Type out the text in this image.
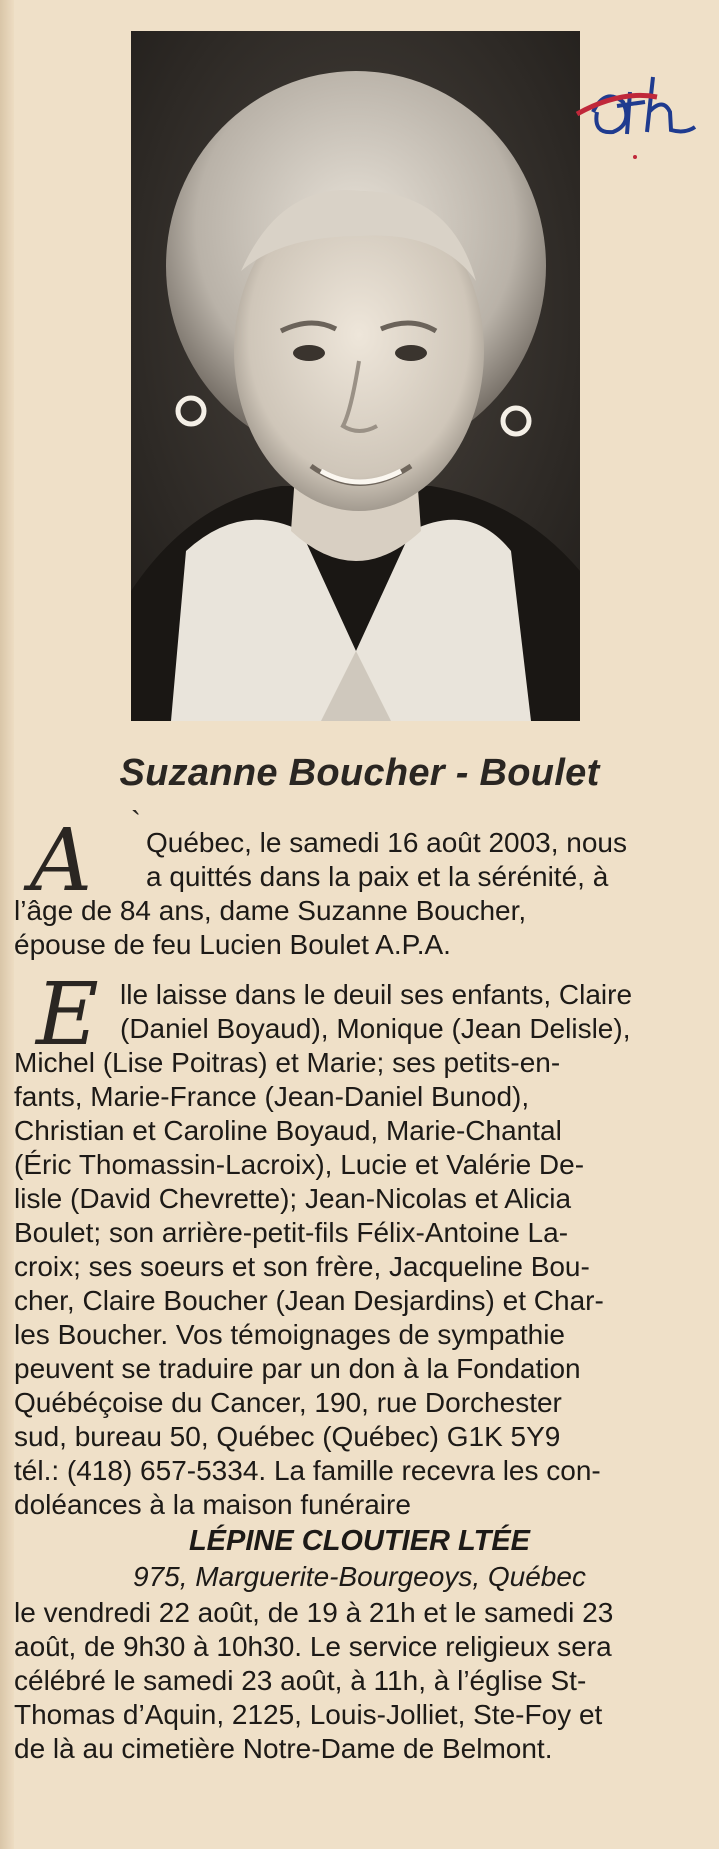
Suzanne Boucher - Boulet
`
A Québec, le samedi 16 août 2003, nous
a quittés dans la paix et la sérénité, à
l’âge de 84 ans, dame Suzanne Boucher,
épouse de feu Lucien Boulet A.P.A.
E lle laisse dans le deuil ses enfants, Claire
(Daniel Boyaud), Monique (Jean Delisle),
Michel (Lise Poitras) et Marie; ses petits-en-
fants, Marie-France (Jean-Daniel Bunod),
Christian et Caroline Boyaud, Marie-Chantal
(Éric Thomassin-Lacroix), Lucie et Valérie De-
lisle (David Chevrette); Jean-Nicolas et Alicia
Boulet; son arrière-petit-fils Félix-Antoine La-
croix; ses soeurs et son frère, Jacqueline Bou-
cher, Claire Boucher (Jean Desjardins) et Char-
les Boucher. Vos témoignages de sympathie
peuvent se traduire par un don à la Fondation
Québéçoise du Cancer, 190, rue Dorchester
sud, bureau 50, Québec (Québec) G1K 5Y9
tél.: (418) 657-5334. La famille recevra les con-
doléances à la maison funéraire
LÉPINE CLOUTIER LTÉE
975, Marguerite-Bourgeoys, Québec
le vendredi 22 août, de 19 à 21h et le samedi 23
août, de 9h30 à 10h30. Le service religieux sera
célébré le samedi 23 août, à 11h, à l’église St-
Thomas d’Aquin, 2125, Louis-Jolliet, Ste-Foy et
de là au cimetière Notre-Dame de Belmont.
